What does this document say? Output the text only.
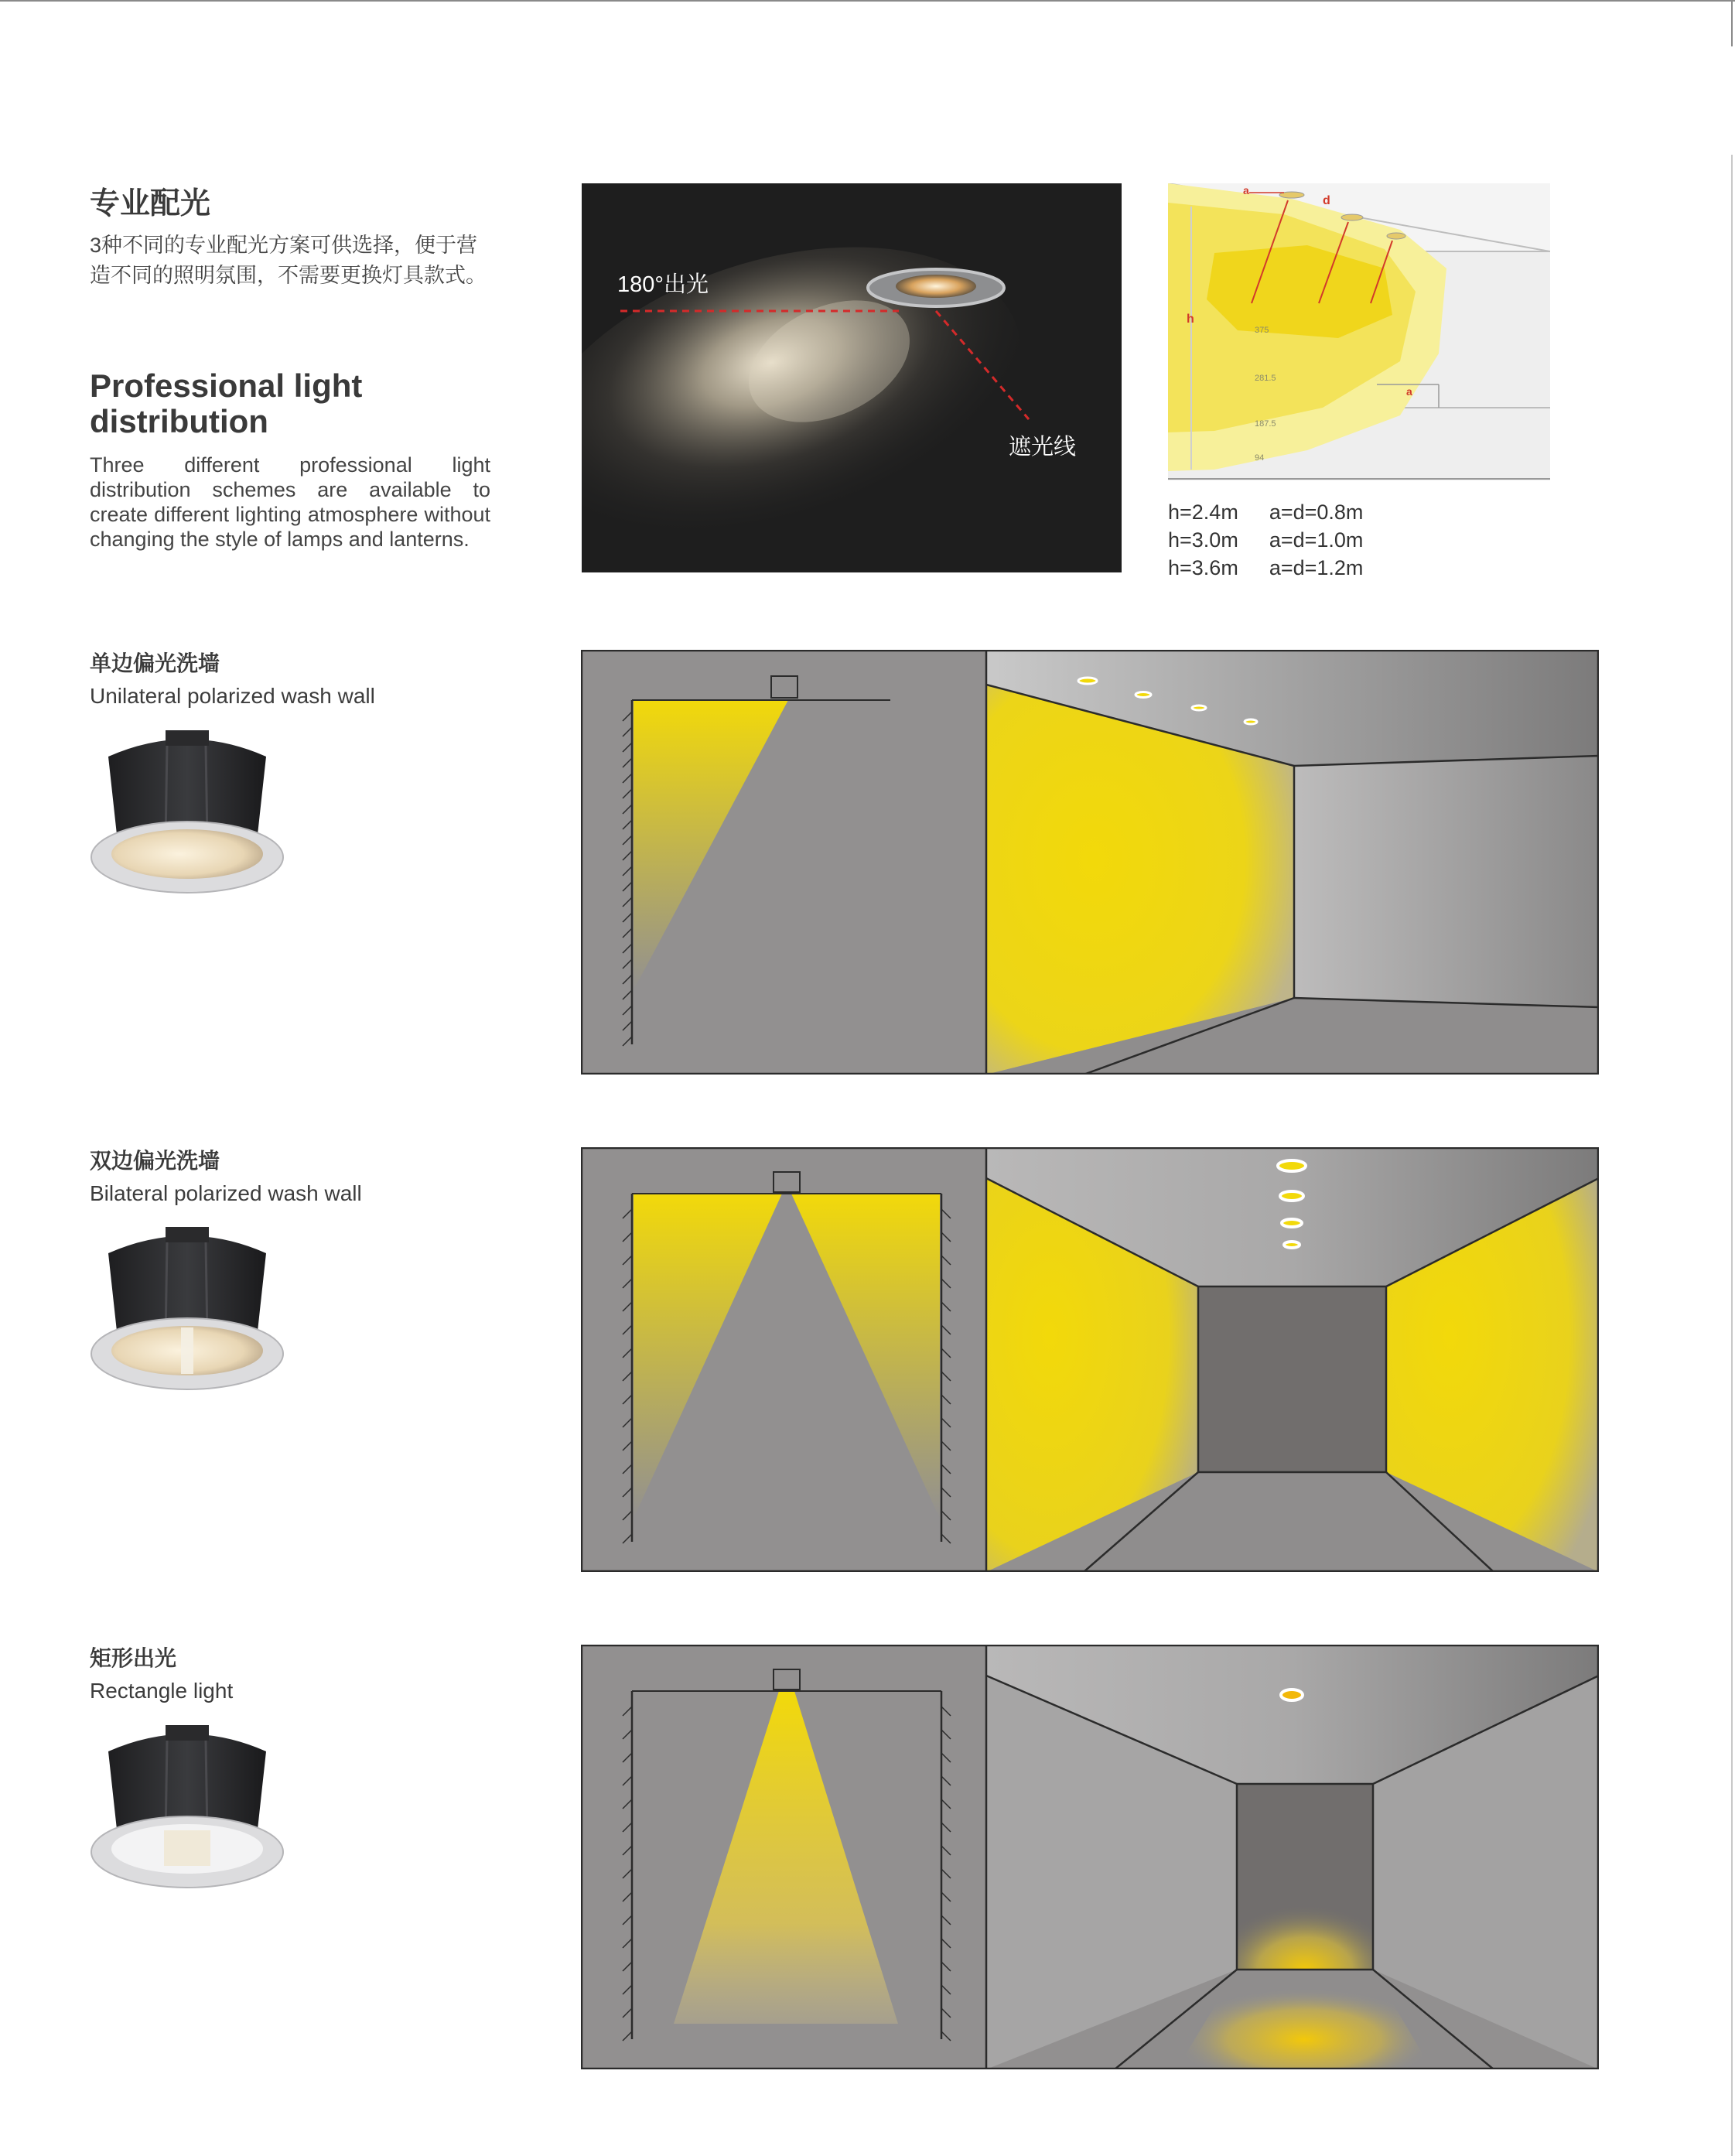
专业配光
3种不同的专业配光方案可供选择，便于营造不同的照明氛围，不需要更换灯具款式。
Professional light distribution
Three different professional light distribution schemes are available to create different lighting atmosphere without changing the style of lamps and lanterns.
180°出光
遮光线
a
d
h
a
375
281.5
187.5
94
h=2.4m	a=d=0.8m
h=3.0m	a=d=1.0m
h=3.6m	a=d=1.2m
单边偏光洗墙
Unilateral polarized wash wall
双边偏光洗墙
Bilateral polarized wash wall
矩形出光
Rectangle light
